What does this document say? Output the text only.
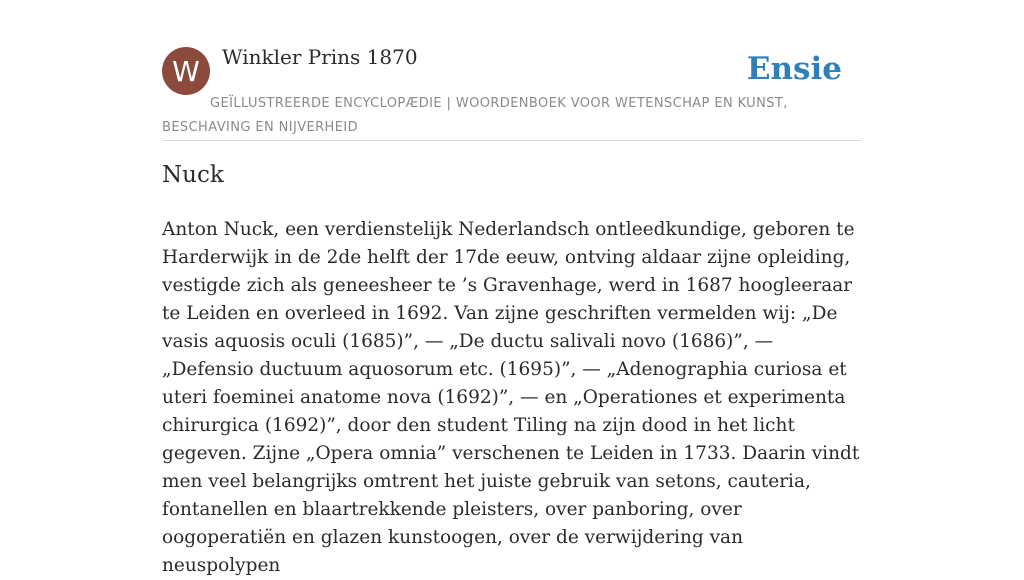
W	Winkler Prins 1870	Ensie
GEÏLLUSTREERDE ENCYCLOPÆDIE | WOORDENBOEK VOOR WETENSCHAP EN KUNST, BESCHAVING EN NIJVERHEID
Nuck

Anton Nuck, een verdienstelijk Nederlandsch ontleedkundige, geboren te Harderwijk in de 2de helft der 17de eeuw, ontving aldaar zijne opleiding, vestigde zich als geneesheer te ’s Gravenhage, werd in 1687 hoogleeraar te Leiden en overleed in 1692. Van zijne geschriften vermelden wij: „De vasis aquosis oculi (1685)”, — „De ductu salivali novo (1686)”, — „Defensio ductuum aquosorum etc. (1695)”, — „Adenographia curiosa et uteri foeminei anatome nova (1692)”, — en „Operationes et experimenta chirurgica (1692)”, door den student Tiling na zijn dood in het licht gegeven. Zijne „Opera omnia” verschenen te Leiden in 1733. Daarin vindt men veel belangrijks omtrent het juiste gebruik van setons, cauteria, fontanellen en blaartrekkende pleisters, over panboring, over oogoperatiën en glazen kunstoogen, over de verwijdering van neuspolypen
